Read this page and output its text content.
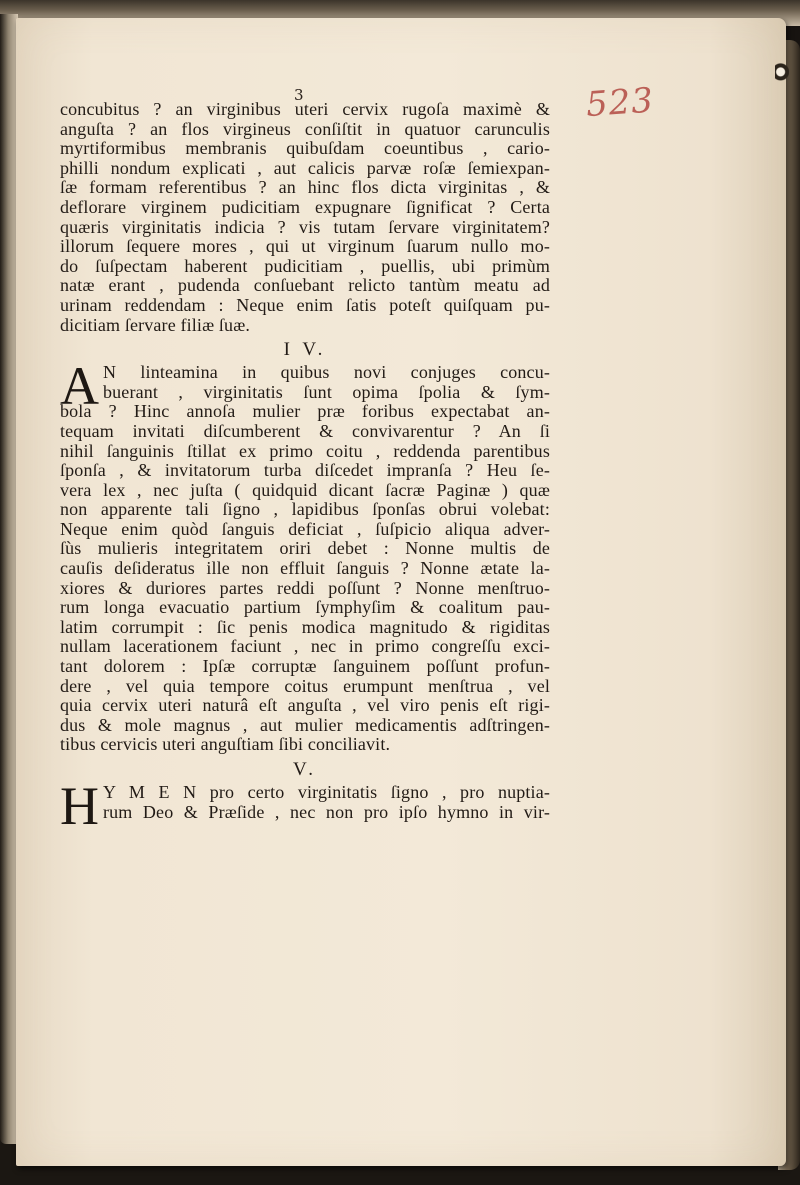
523
3
concubitus ? an virginibus uteri cervix rugoſa maximè &
anguſta ? an flos virgineus conſiſtit in quatuor carunculis
myrtiformibus membranis quibuſdam coeuntibus , cario-
philli nondum explicati , aut calicis parvæ roſæ ſemiexpan-
ſæ formam referentibus ? an hinc flos dicta virginitas , &
deflorare virginem pudicitiam expugnare ſignificat ? Certa
quæris virginitatis indicia ? vis tutam ſervare virginitatem?
illorum ſequere mores , qui ut virginum ſuarum nullo mo-
do ſuſpectam haberent pudicitiam , puellis, ubi primùm
natæ erant , pudenda conſuebant relicto tantùm meatu ad
urinam reddendam : Neque enim ſatis poteſt quiſquam pu-
dicitiam ſervare filiæ ſuæ.
I V.
A N linteamina in quibus novi conjuges concu-
buerant , virginitatis ſunt opima ſpolia & ſym-
bola ? Hinc annoſa mulier præ foribus expectabat an-
tequam invitati diſcumberent & convivarentur ? An ſi
nihil ſanguinis ſtillat ex primo coitu , reddenda parentibus
ſponſa , & invitatorum turba diſcedet impranſa ? Heu ſe-
vera lex , nec juſta ( quidquid dicant ſacræ Paginæ ) quæ
non apparente tali ſigno , lapidibus ſponſas obrui volebat:
Neque enim quòd ſanguis deficiat , ſuſpicio aliqua adver-
ſùs mulieris integritatem oriri debet : Nonne multis de
cauſis deſideratus ille non effluit ſanguis ? Nonne ætate la-
xiores & duriores partes reddi poſſunt ? Nonne menſtruo-
rum longa evacuatio partium ſymphyſim & coalitum pau-
latim corrumpit : ſic penis modica magnitudo & rigiditas
nullam lacerationem faciunt , nec in primo congreſſu exci-
tant dolorem : Ipſæ corruptæ ſanguinem poſſunt profun-
dere , vel quia tempore coitus erumpunt menſtrua , vel
quia cervix uteri naturâ eſt anguſta , vel viro penis eſt rigi-
dus & mole magnus , aut mulier medicamentis adſtringen-
tibus cervicis uteri anguſtiam ſibi conciliavit.
V.
H Y M E N pro certo virginitatis ſigno , pro nuptia-
rum Deo & Præſide , nec non pro ipſo hymno in vir-
